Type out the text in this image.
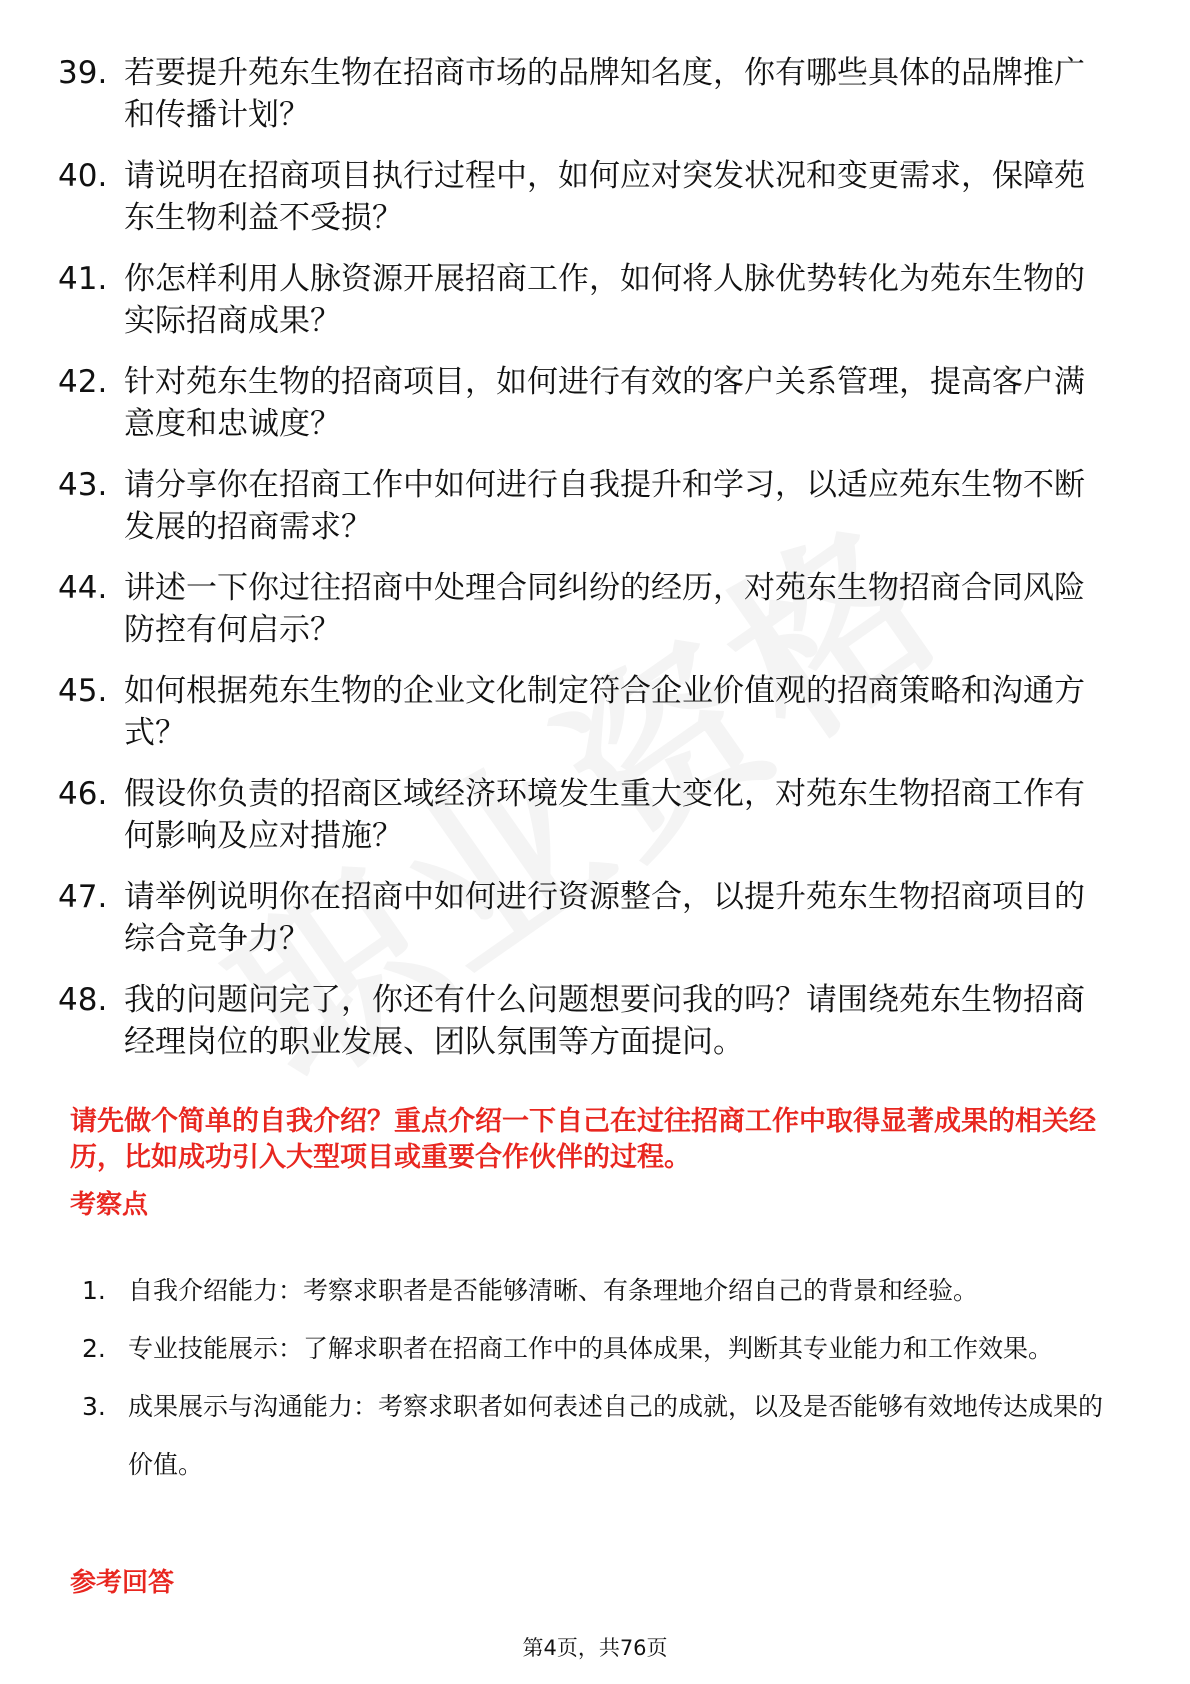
39. 若要提升苑东生物在招商市场的品牌知名度，你有哪些具体的品牌推广和传播计划？
40. 请说明在招商项目执行过程中，如何应对突发状况和变更需求，保障苑东生物利益不受损？
41. 你怎样利用人脉资源开展招商工作，如何将人脉优势转化为苑东生物的实际招商成果？
42. 针对苑东生物的招商项目，如何进行有效的客户关系管理，提高客户满意度和忠诚度？
43. 请分享你在招商工作中如何进行自我提升和学习，以适应苑东生物不断发展的招商需求？
44. 讲述一下你过往招商中处理合同纠纷的经历，对苑东生物招商合同风险防控有何启示？
45. 如何根据苑东生物的企业文化制定符合企业价值观的招商策略和沟通方式？
46. 假设你负责的招商区域经济环境发生重大变化，对苑东生物招商工作有何影响及应对措施？
47. 请举例说明你在招商中如何进行资源整合，以提升苑东生物招商项目的综合竞争力？
48. 我的问题问完了，你还有什么问题想要问我的吗？请围绕苑东生物招商经理岗位的职业发展、团队氛围等方面提问。
请先做个简单的自我介绍？重点介绍一下自己在过往招商工作中取得显著成果的相关经历，比如成功引入大型项目或重要合作伙伴的过程。
考察点
1. 自我介绍能力：考察求职者是否能够清晰、有条理地介绍自己的背景和经验。
2. 专业技能展示：了解求职者在招商工作中的具体成果，判断其专业能力和工作效果。
3. 成果展示与沟通能力：考察求职者如何表述自己的成就，以及是否能够有效地传达成果的价值。
参考回答
第4页，共76页
